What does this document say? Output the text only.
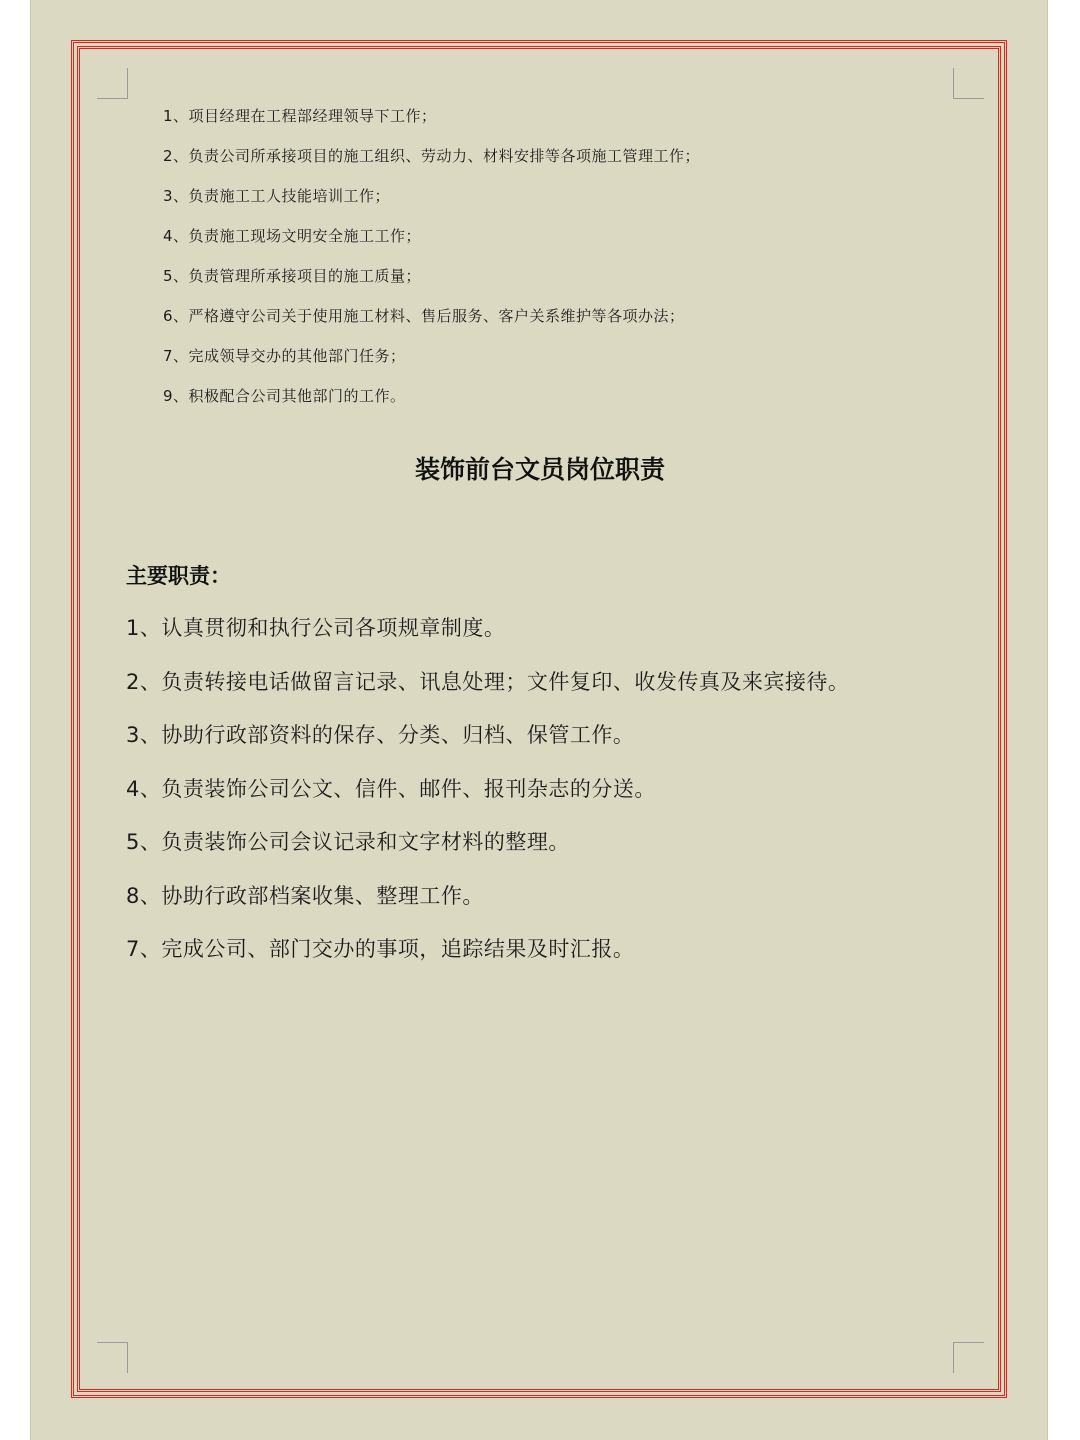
1、项目经理在工程部经理领导下工作；
2、负责公司所承接项目的施工组织、劳动力、材料安排等各项施工管理工作；
3、负责施工工人技能培训工作；
4、负责施工现场文明安全施工工作；
5、负责管理所承接项目的施工质量；
6、严格遵守公司关于使用施工材料、售后服务、客户关系维护等各项办法；
7、完成领导交办的其他部门任务；
9、积极配合公司其他部门的工作。
装饰前台文员岗位职责
主要职责：
1、认真贯彻和执行公司各项规章制度。
2、负责转接电话做留言记录、讯息处理；文件复印、收发传真及来宾接待。
3、协助行政部资料的保存、分类、归档、保管工作。
4、负责装饰公司公文、信件、邮件、报刊杂志的分送。
5、负责装饰公司会议记录和文字材料的整理。
8、协助行政部档案收集、整理工作。
7、完成公司、部门交办的事项，追踪结果及时汇报。
